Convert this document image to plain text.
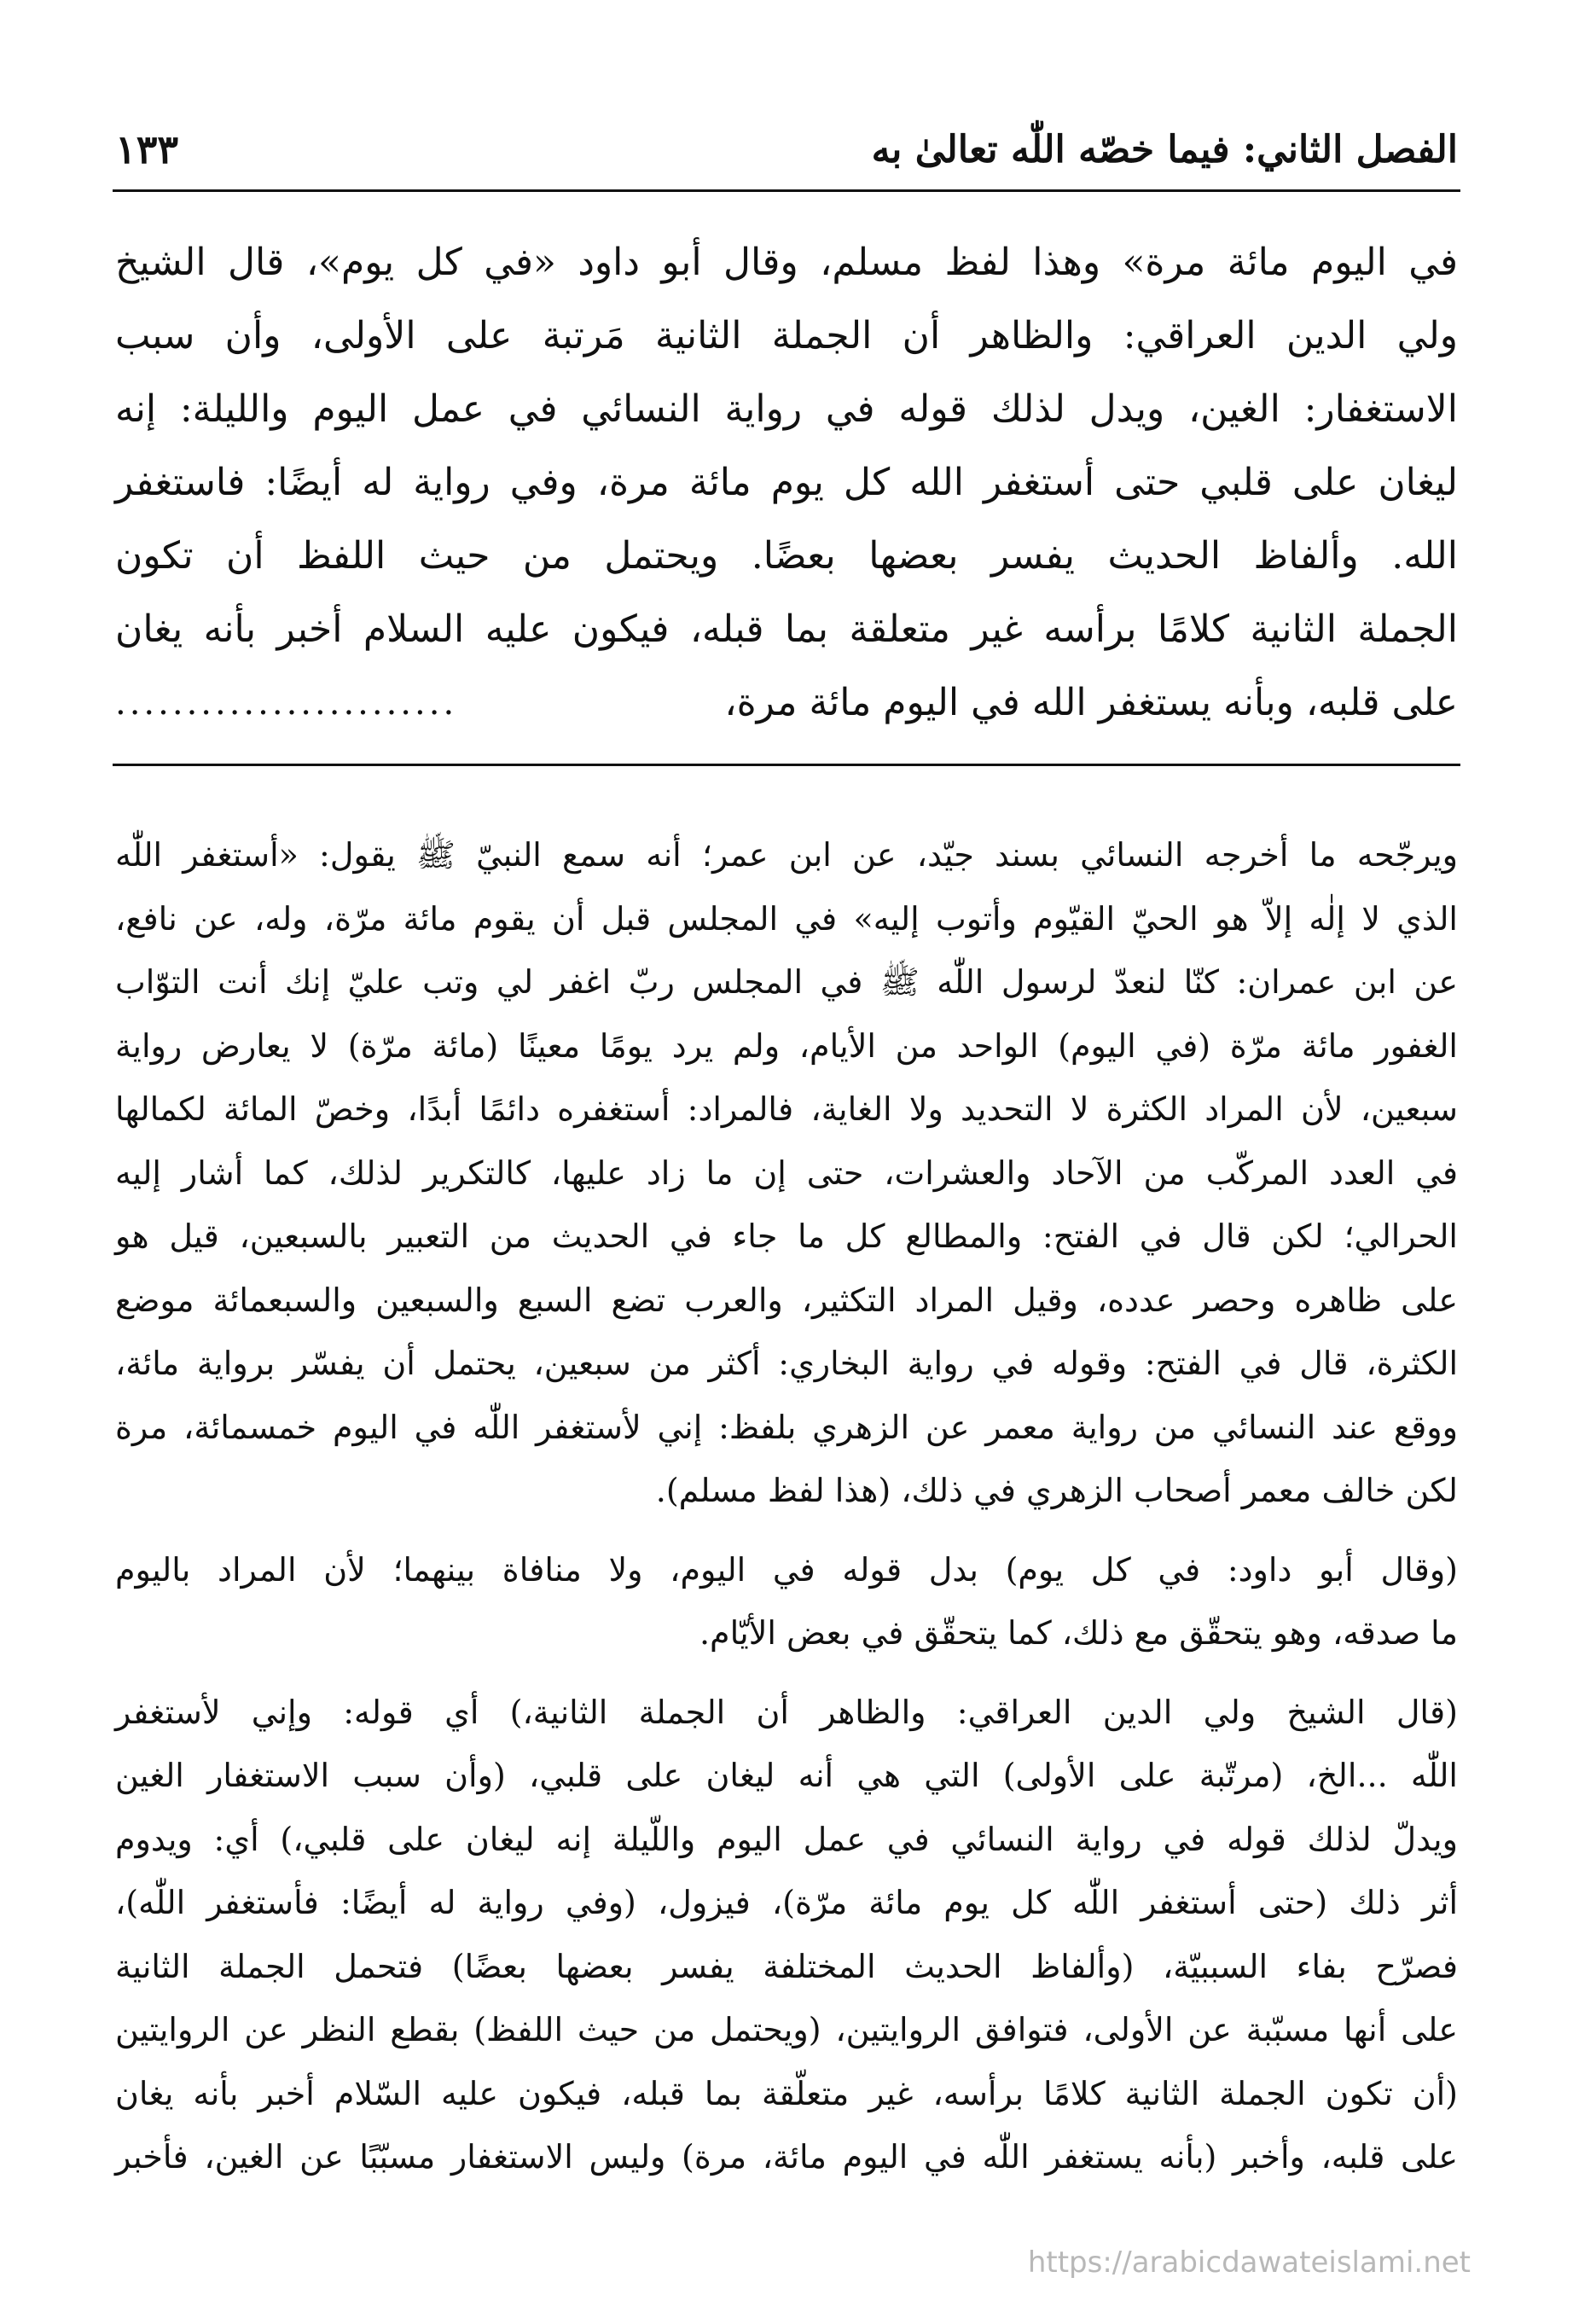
الفصل الثاني: فيما خصّه اللّٰه تعالىٰ به
١٣٣
في اليوم مائة مرة» وهذا لفظ مسلم، وقال أبو داود «في كل يوم»، قال الشيخ
ولي الدين العراقي: والظاهر أن الجملة الثانية مَرتبة على الأولى، وأن سبب
الاستغفار: الغين، ويدل لذلك قوله في رواية النسائي في عمل اليوم والليلة: إنه
ليغان على قلبي حتى أستغفر الله كل يوم مائة مرة، وفي رواية له أيضًا: فاستغفر
الله. وألفاظ الحديث يفسر بعضها بعضًا. ويحتمل من حيث اللفظ أن تكون
الجملة الثانية كلامًا برأسه غير متعلقة بما قبله، فيكون عليه السلام أخبر بأنه يغان
على قلبه، وبأنه يستغفر الله في اليوم مائة مرة،
........................
ويرجّحه ما أخرجه النسائي بسند جيّد، عن ابن عمر؛ أنه سمع النبيّ ﷺ يقول: «أستغفر اللّٰه
الذي لا إلٰه إلاّ هو الحيّ القيّوم وأتوب إليه» في المجلس قبل أن يقوم مائة مرّة، وله، عن نافع،
عن ابن عمران: كنّا لنعدّ لرسول اللّٰه ﷺ في المجلس ربّ اغفر لي وتب عليّ إنك أنت التوّاب
الغفور مائة مرّة (في اليوم) الواحد من الأيام، ولم يرد يومًا معينًا (مائة مرّة) لا يعارض رواية
سبعين، لأن المراد الكثرة لا التحديد ولا الغاية، فالمراد: أستغفره دائمًا أبدًا، وخصّ المائة لكمالها
في العدد المركّب من الآحاد والعشرات، حتى إن ما زاد عليها، كالتكرير لذلك، كما أشار إليه
الحرالي؛ لكن قال في الفتح: والمطالع كل ما جاء في الحديث من التعبير بالسبعين، قيل هو
على ظاهره وحصر عدده، وقيل المراد التكثير، والعرب تضع السبع والسبعين والسبعمائة موضع
الكثرة، قال في الفتح: وقوله في رواية البخاري: أكثر من سبعين، يحتمل أن يفسّر برواية مائة،
ووقع عند النسائي من رواية معمر عن الزهري بلفظ: إني لأستغفر اللّٰه في اليوم خمسمائة، مرة
لكن خالف معمر أصحاب الزهري في ذلك، (هذا لفظ مسلم).
(وقال أبو داود: في كل يوم) بدل قوله في اليوم، ولا منافاة بينهما؛ لأن المراد باليوم
ما صدقه، وهو يتحقّق مع ذلك، كما يتحقّق في بعض الأيّام.
(قال الشيخ ولي الدين العراقي: والظاهر أن الجملة الثانية،) أي قوله: وإني لأستغفر
اللّٰه ...الخ، (مرتّبة على الأولى) التي هي أنه ليغان على قلبي، (وأن سبب الاستغفار الغين
ويدلّ لذلك قوله في رواية النسائي في عمل اليوم واللّيلة إنه ليغان على قلبي،) أي: ويدوم
أثر ذلك (حتى أستغفر اللّٰه كل يوم مائة مرّة)، فيزول، (وفي رواية له أيضًا: فأستغفر اللّٰه)،
فصرّح بفاء السببيّة، (وألفاظ الحديث المختلفة يفسر بعضها بعضًا) فتحمل الجملة الثانية
على أنها مسبّبة عن الأولى، فتوافق الروايتين، (ويحتمل من حيث اللفظ) بقطع النظر عن الروايتين
(أن تكون الجملة الثانية كلامًا برأسه، غير متعلّقة بما قبله، فيكون عليه السّلام أخبر بأنه يغان
على قلبه، وأخبر (بأنه يستغفر اللّٰه في اليوم مائة، مرة) وليس الاستغفار مسبّبًا عن الغين، فأخبر
https://arabicdawateislami.net
